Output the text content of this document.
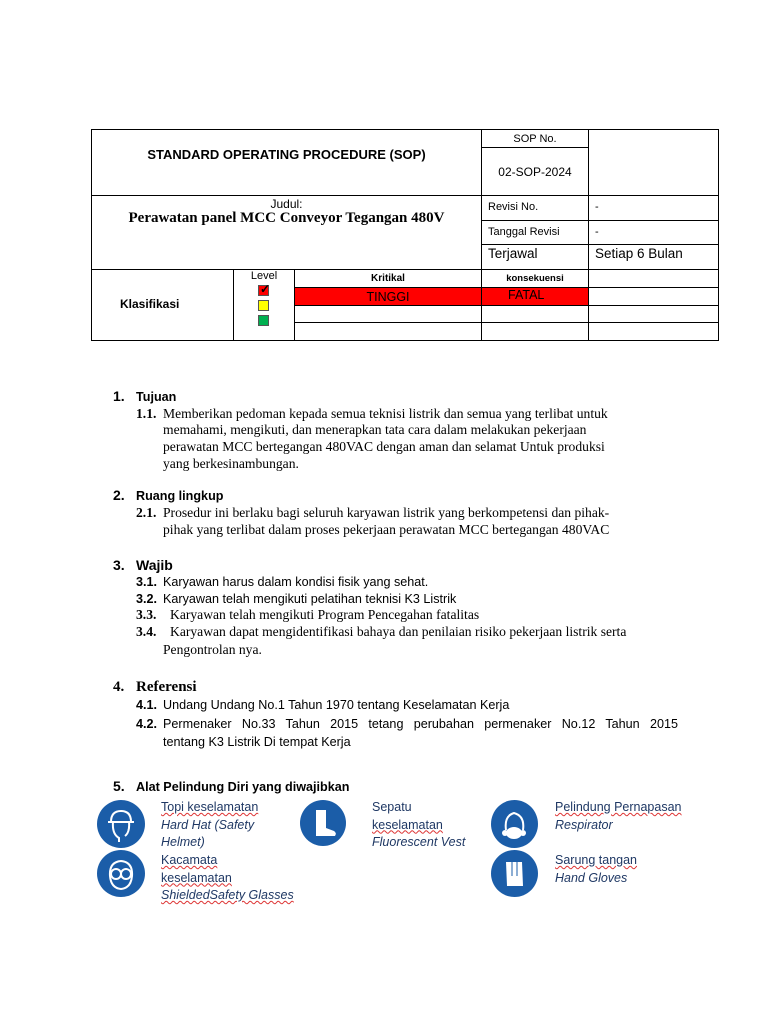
STANDARD OPERATING PROCEDURE (SOP)
SOP No.
02-SOP-2024
Judul:
Perawatan panel MCC Conveyor Tegangan 480V
Revisi No.	-
Tanggal Revisi	-
Terjawal	Setiap 6 Bulan
Klasifikasi
Level
✓
Kritikal	konsekuensi
TINGGI	FATAL
1. Tujuan
1.1. Memberikan pedoman kepada semua teknisi listrik dan semua yang terlibat untuk
memahami, mengikuti, dan menerapkan tata cara dalam melakukan pekerjaan
perawatan MCC bertegangan 480VAC dengan aman dan selamat Untuk produksi
yang berkesinambungan.
2. Ruang lingkup
2.1. Prosedur ini berlaku bagi seluruh karyawan listrik yang berkompetensi dan pihak-
pihak yang terlibat dalam proses pekerjaan perawatan MCC bertegangan 480VAC
3. Wajib
3.1. Karyawan harus dalam kondisi fisik yang sehat.
3.2. Karyawan telah mengikuti pelatihan teknisi K3 Listrik
3.3. Karyawan telah mengikuti Program Pencegahan fatalitas
3.4. Karyawan dapat mengidentifikasi bahaya dan penilaian risiko pekerjaan listrik serta
Pengontrolan nya.
4. Referensi
4.1. Undang Undang No.1 Tahun 1970 tentang Keselamatan Kerja
4.2. Permenaker No.33 Tahun 2015 tetang perubahan permenaker No.12 Tahun 2015
tentang K3 Listrik Di tempat Kerja
5. Alat Pelindung Diri yang diwajibkan
Topi keselamatan
Hard Hat (Safety
Helmet)
Sepatu
keselamatan
Fluorescent Vest
Pelindung Pernapasan
Respirator
Kacamata
keselamatan
ShieldedSafety Glasses
Sarung tangan
Hand Gloves
